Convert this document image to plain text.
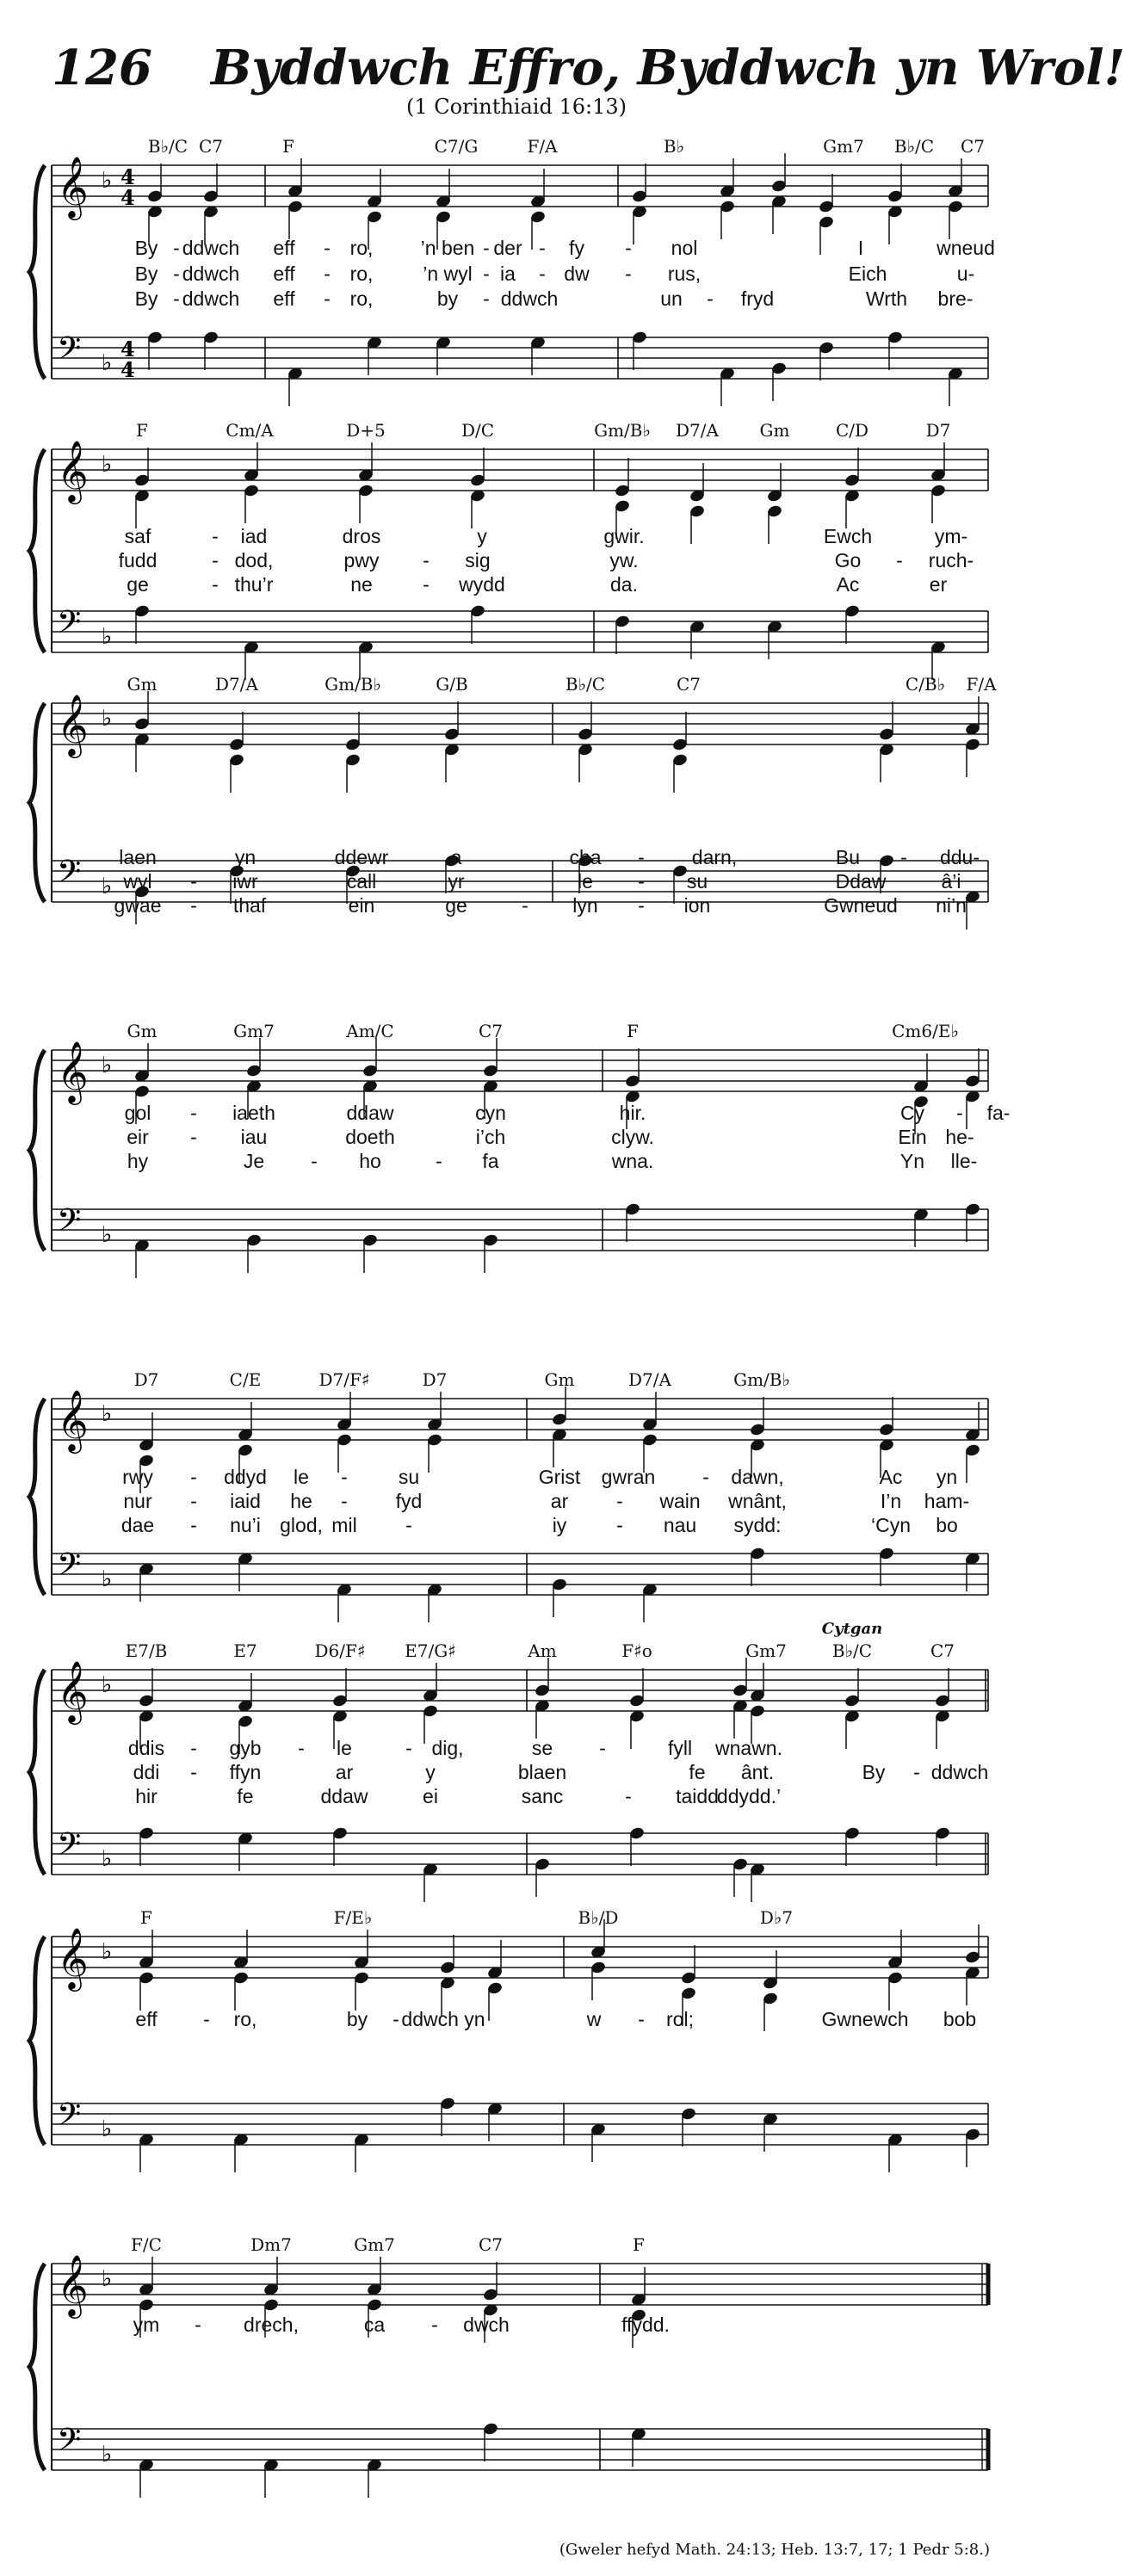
126 Byddwch Effro, Byddwch yn Wrol!
(1 Corinthiaid 16:13)
𝄞
𝄢
♭
♭
4
4
4
4
B♭/C C7	F	C7/G	F/A	B♭	Gm7 B♭/C C7
By - ddwch eff - ro, ’n ben - der - fy - nol	I	wneud
By - ddwch eff - ro,	’n wyl - ia - dw - rus,	Eich	u-
By - ddwch eff - ro,	by - ddwch	un - fryd	Wrth bre-
𝄞
𝄢
♭
♭
F	Cm/A	D+5	D/C	Gm/B♭ D7/A Gm	C/D	D7
saf	- iad	dros	y	gwir.	Ewch	ym-
fudd	- dod,	pwy - sig	yw.	Go - ruch-
ge	- thu’r	ne	- wydd	da.	Ac	er
𝄞
𝄢
♭
♭
Gm	D7/A	Gm/B♭	G/B	B♭/C	C7	C/B♭ F/A
laen	yn	ddewr	a	cha - darn,	Bu - ddu-
wyl - iwr	call	yr	le - su	Ddaw	â’i
gwae - thaf	ein	ge	- lyn - ion	Gwneud ni’n
𝄞
𝄢
♭
♭
Gm	Gm7	Am/C	C7	F	Cm6/E♭
gol - iaeth	ddaw	cyn	hir.	Cy - fa-
eir - iau	doeth	i’ch	clyw.	Ein he-
hy	Je - ho	- fa	wna.	Yn lle-
𝄞
𝄢
♭
♭
D7	C/E	D7/F♯	D7	Gm	D7/A	Gm/B♭
rwy - ddyd le -	su	Grist gwran - dawn,	Ac yn
nur - iaid he - fyd	ar - wain wnânt,	I’n ham-
dae - nu’i glod, mil -	iy	- nau sydd:	‘Cyn bo
𝄞
𝄢
♭
♭
E7/B	E7	D6/F♯ E7/G♯	Am	F♯o	Gm7	B♭/C	C7
Cytgan
ddis - gyb - le	- dig,	se -	fyll wnawn.
ddi - ffyn	ar	y	blaen	fe ânt.	By - ddwch
hir	fe	ddaw	ei	sanc	- taidd
ddydd.’
𝄞
𝄢
♭
♭
F	F/E♭	B♭/D	D♭7
eff - ro,	by - ddwch yn	w - rol;	Gwnewch bob
𝄞
𝄢
♭
♭
F/C	Dm7	Gm7	C7	F
ym - drech,	ca - dwch	ffydd.
(Gweler hefyd Math. 24:13; Heb. 13:7, 17; 1 Pedr 5:8.)
